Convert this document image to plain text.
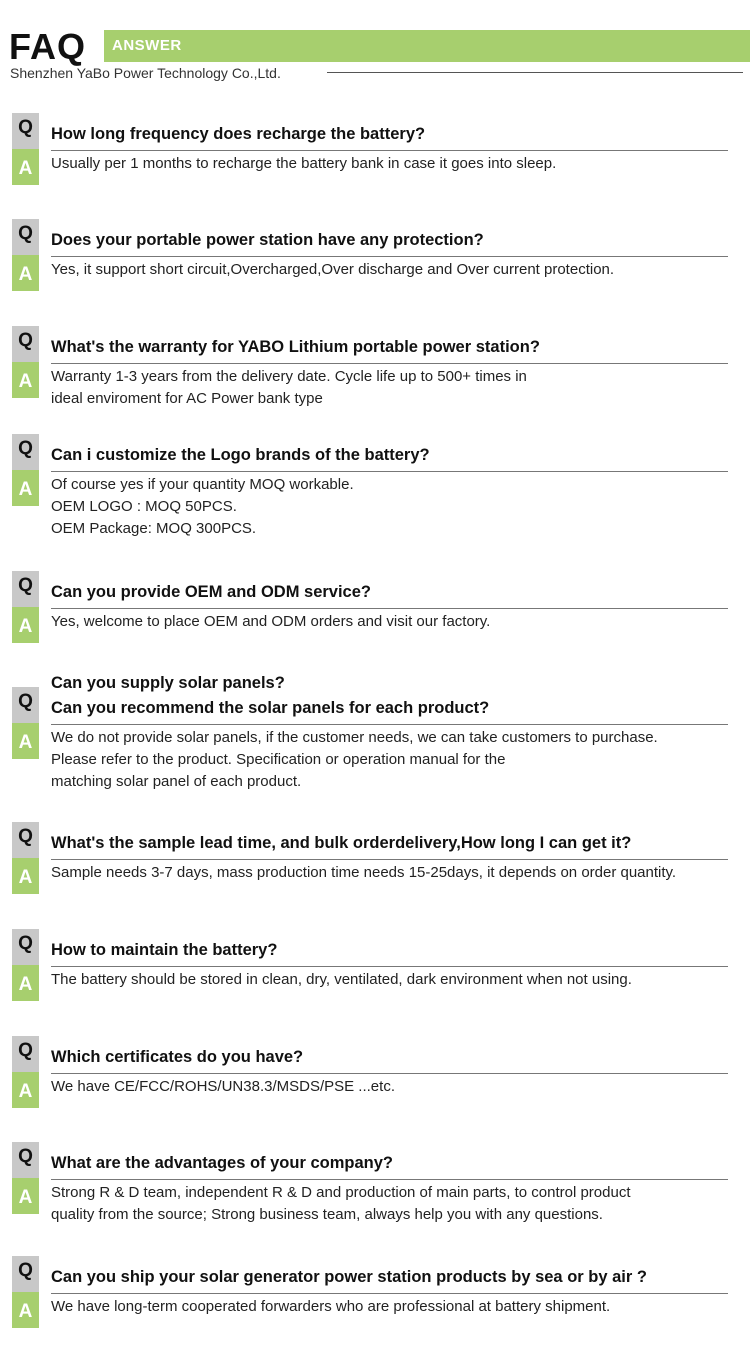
FAQ	ANSWER
Shenzhen YaBo Power Technology Co.,Ltd.
Q
A
How long frequency does recharge the battery?
Usually per 1 months to recharge the battery bank in case it goes into sleep.
Q
A
Does your portable power station have any protection?
Yes, it support short circuit,Overcharged,Over discharge and Over current protection.
Q
A
What's the warranty for YABO Lithium portable power station?
Warranty 1-3 years from the delivery date. Cycle life up to 500+ times in
ideal enviroment for AC Power bank type
Q
A
Can i customize the Logo brands of the battery?
Of course yes if your quantity MOQ workable.
OEM LOGO : MOQ 50PCS.
OEM Package: MOQ 300PCS.
Q
A
Can you provide OEM and ODM service?
Yes, welcome to place OEM and ODM orders and visit our factory.
Q
A
Can you supply solar panels?
Can you recommend the solar panels for each product?
We do not provide solar panels, if the customer needs, we can take customers to purchase.
Please refer to the product. Specification or operation manual for the
matching solar panel of each product.
Q
A
What's the sample lead time, and bulk orderdelivery,How long I can get it?
Sample needs 3-7 days, mass production time needs 15-25days, it depends on order quantity.
Q
A
How to maintain the battery?
The battery should be stored in clean, dry, ventilated, dark environment when not using.
Q
A
Which certificates do you have?
We have CE/FCC/ROHS/UN38.3/MSDS/PSE ...etc.
Q
A
What are the advantages of your company?
Strong R & D team, independent R & D and production of main parts, to control product
quality from the source; Strong business team, always help you with any questions.
Q
A
Can you ship your solar generator power station products by sea or by air ?
We have long-term cooperated forwarders who are professional at battery shipment.
